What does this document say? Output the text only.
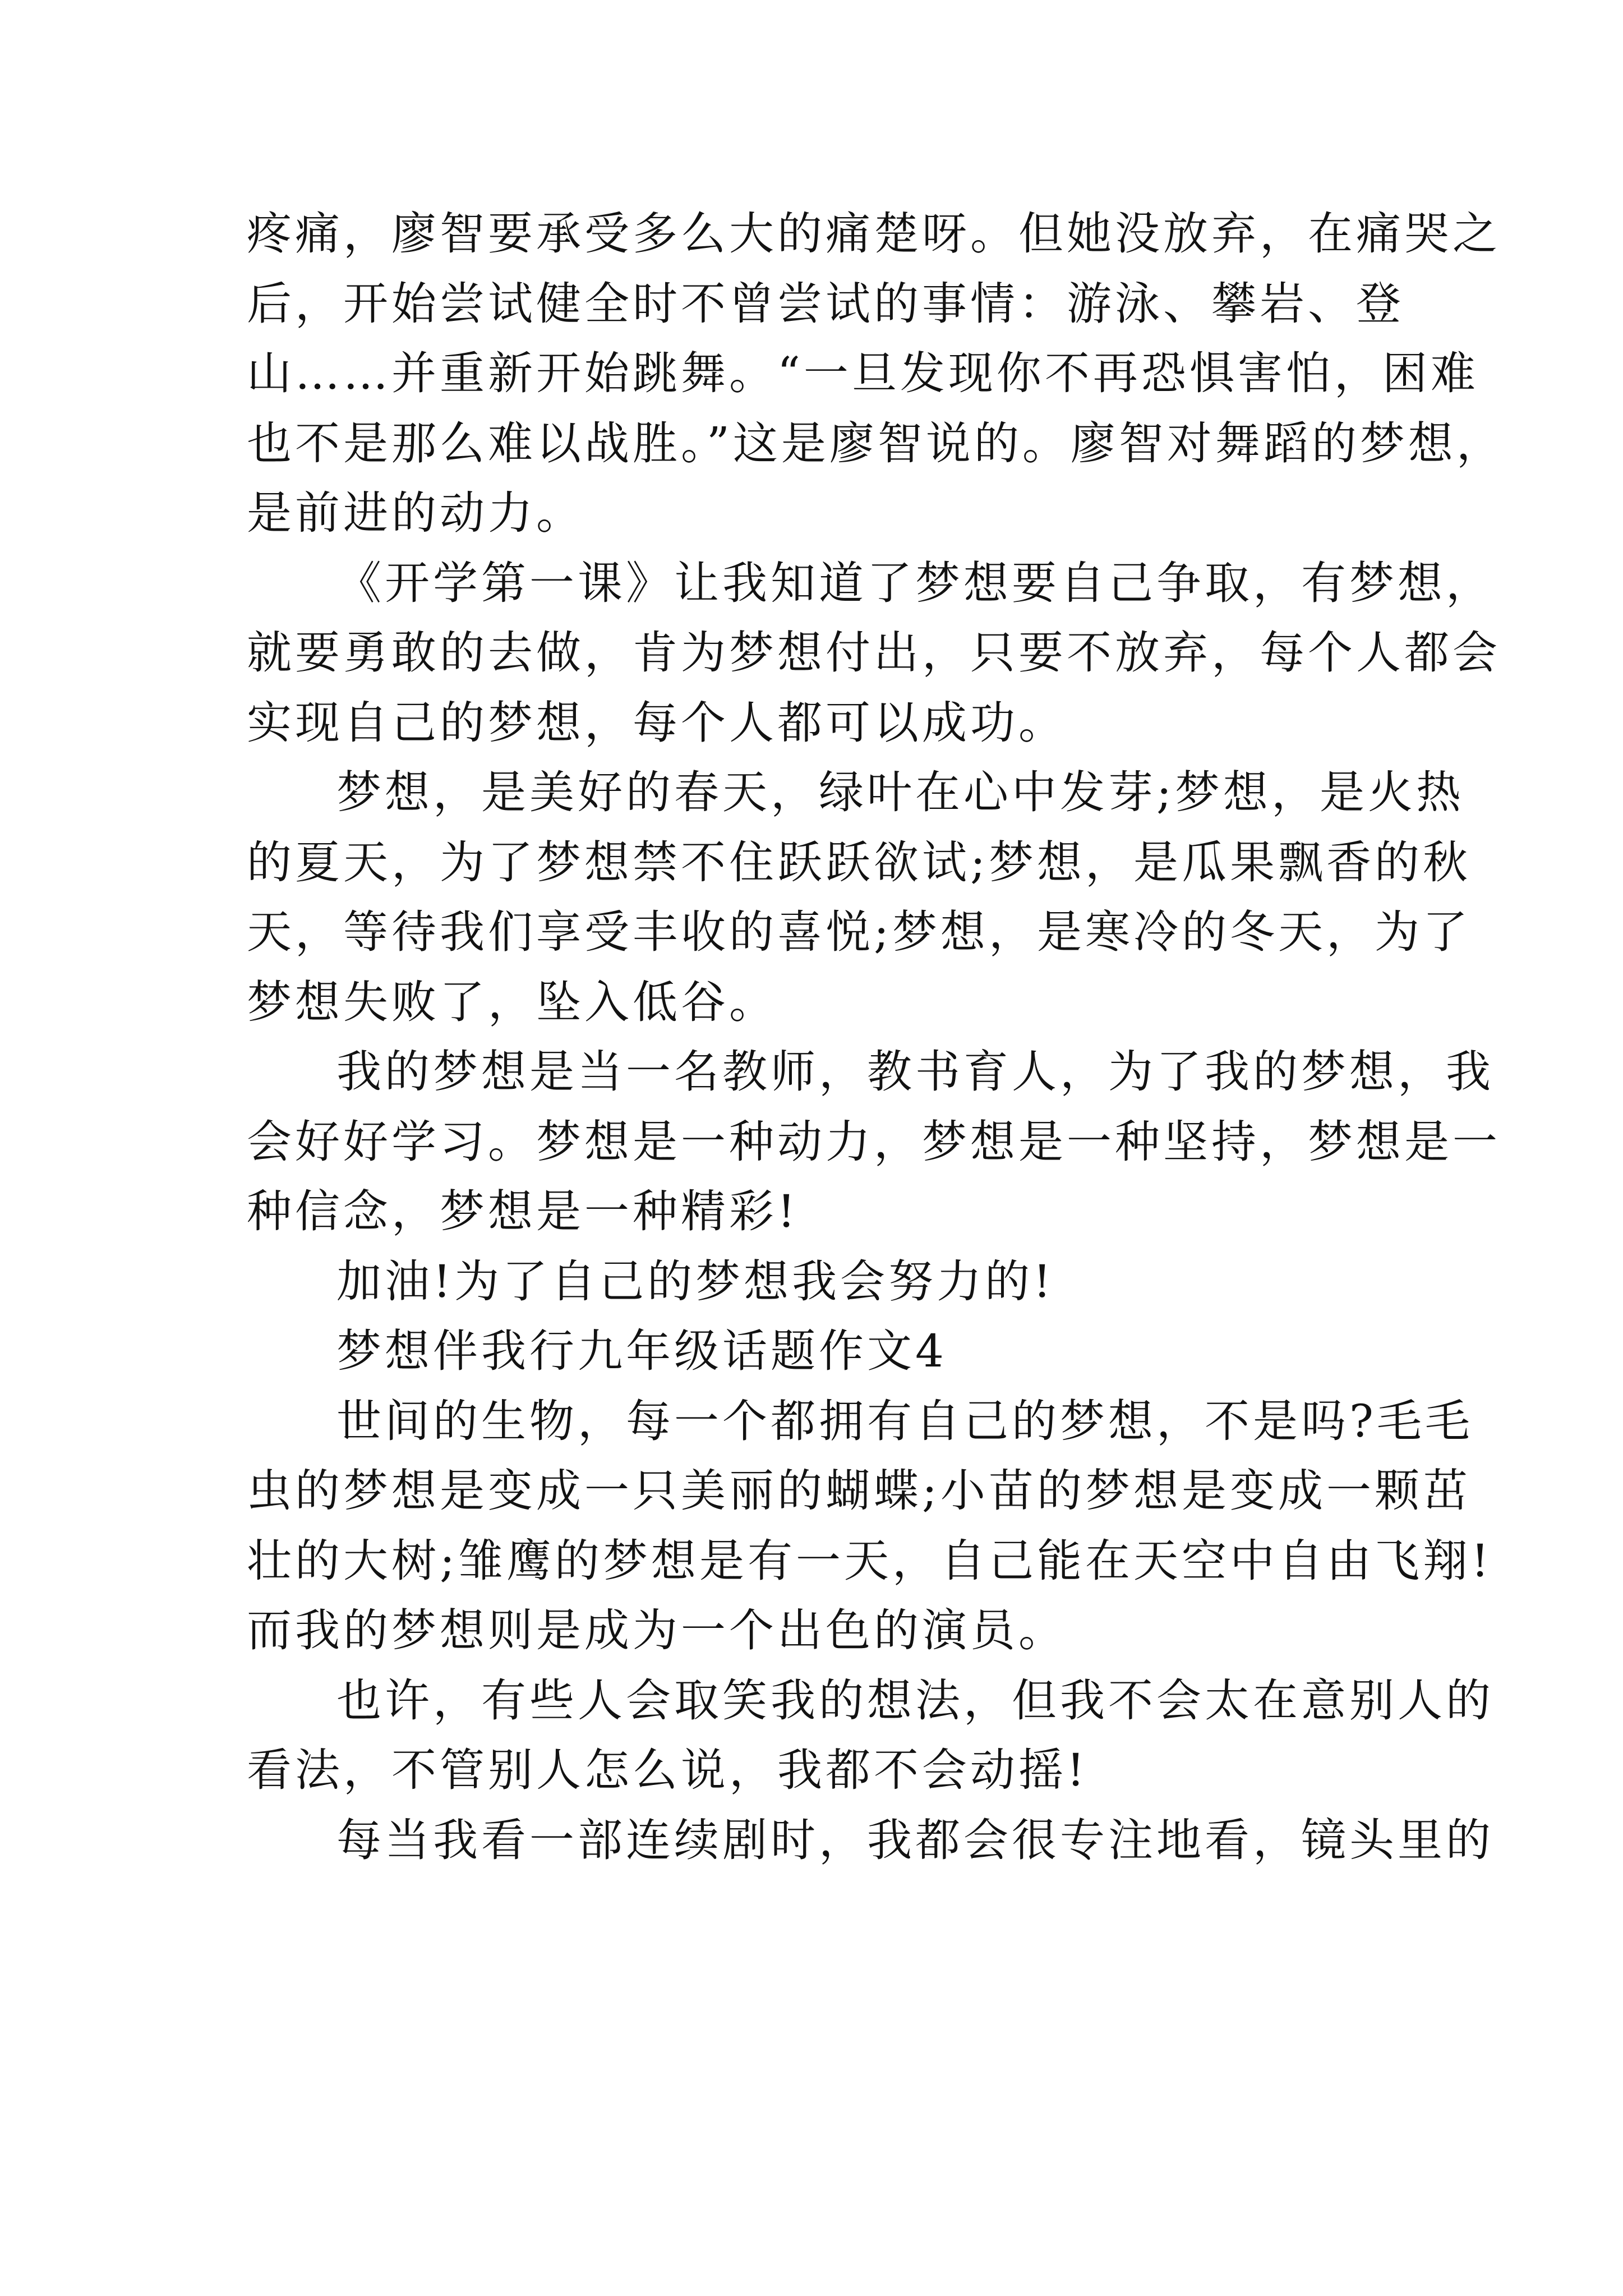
疼痛，廖智要承受多么大的痛楚呀。但她没放弃，在痛哭之
后，开始尝试健全时不曾尝试的事情：游泳、攀岩、登
山……并重新开始跳舞。“一旦发现你不再恐惧害怕，困难
也不是那么难以战胜。”这是廖智说的。廖智对舞蹈的梦想，
是前进的动力。
《开学第一课》让我知道了梦想要自己争取，有梦想，
就要勇敢的去做，肯为梦想付出，只要不放弃，每个人都会
实现自己的梦想，每个人都可以成功。
梦想，是美好的春天，绿叶在心中发芽;梦想，是火热
的夏天，为了梦想禁不住跃跃欲试;梦想，是瓜果飘香的秋
天，等待我们享受丰收的喜悦;梦想，是寒冷的冬天，为了
梦想失败了，坠入低谷。
我的梦想是当一名教师，教书育人，为了我的梦想，我
会好好学习。梦想是一种动力，梦想是一种坚持，梦想是一
种信念，梦想是一种精彩!
加油!为了自己的梦想我会努力的!
梦想伴我行九年级话题作文4
世间的生物，每一个都拥有自己的梦想，不是吗?毛毛
虫的梦想是变成一只美丽的蝴蝶;小苗的梦想是变成一颗茁
壮的大树;雏鹰的梦想是有一天，自己能在天空中自由飞翔!
而我的梦想则是成为一个出色的演员。
也许，有些人会取笑我的想法，但我不会太在意别人的
看法，不管别人怎么说，我都不会动摇!
每当我看一部连续剧时，我都会很专注地看，镜头里的
